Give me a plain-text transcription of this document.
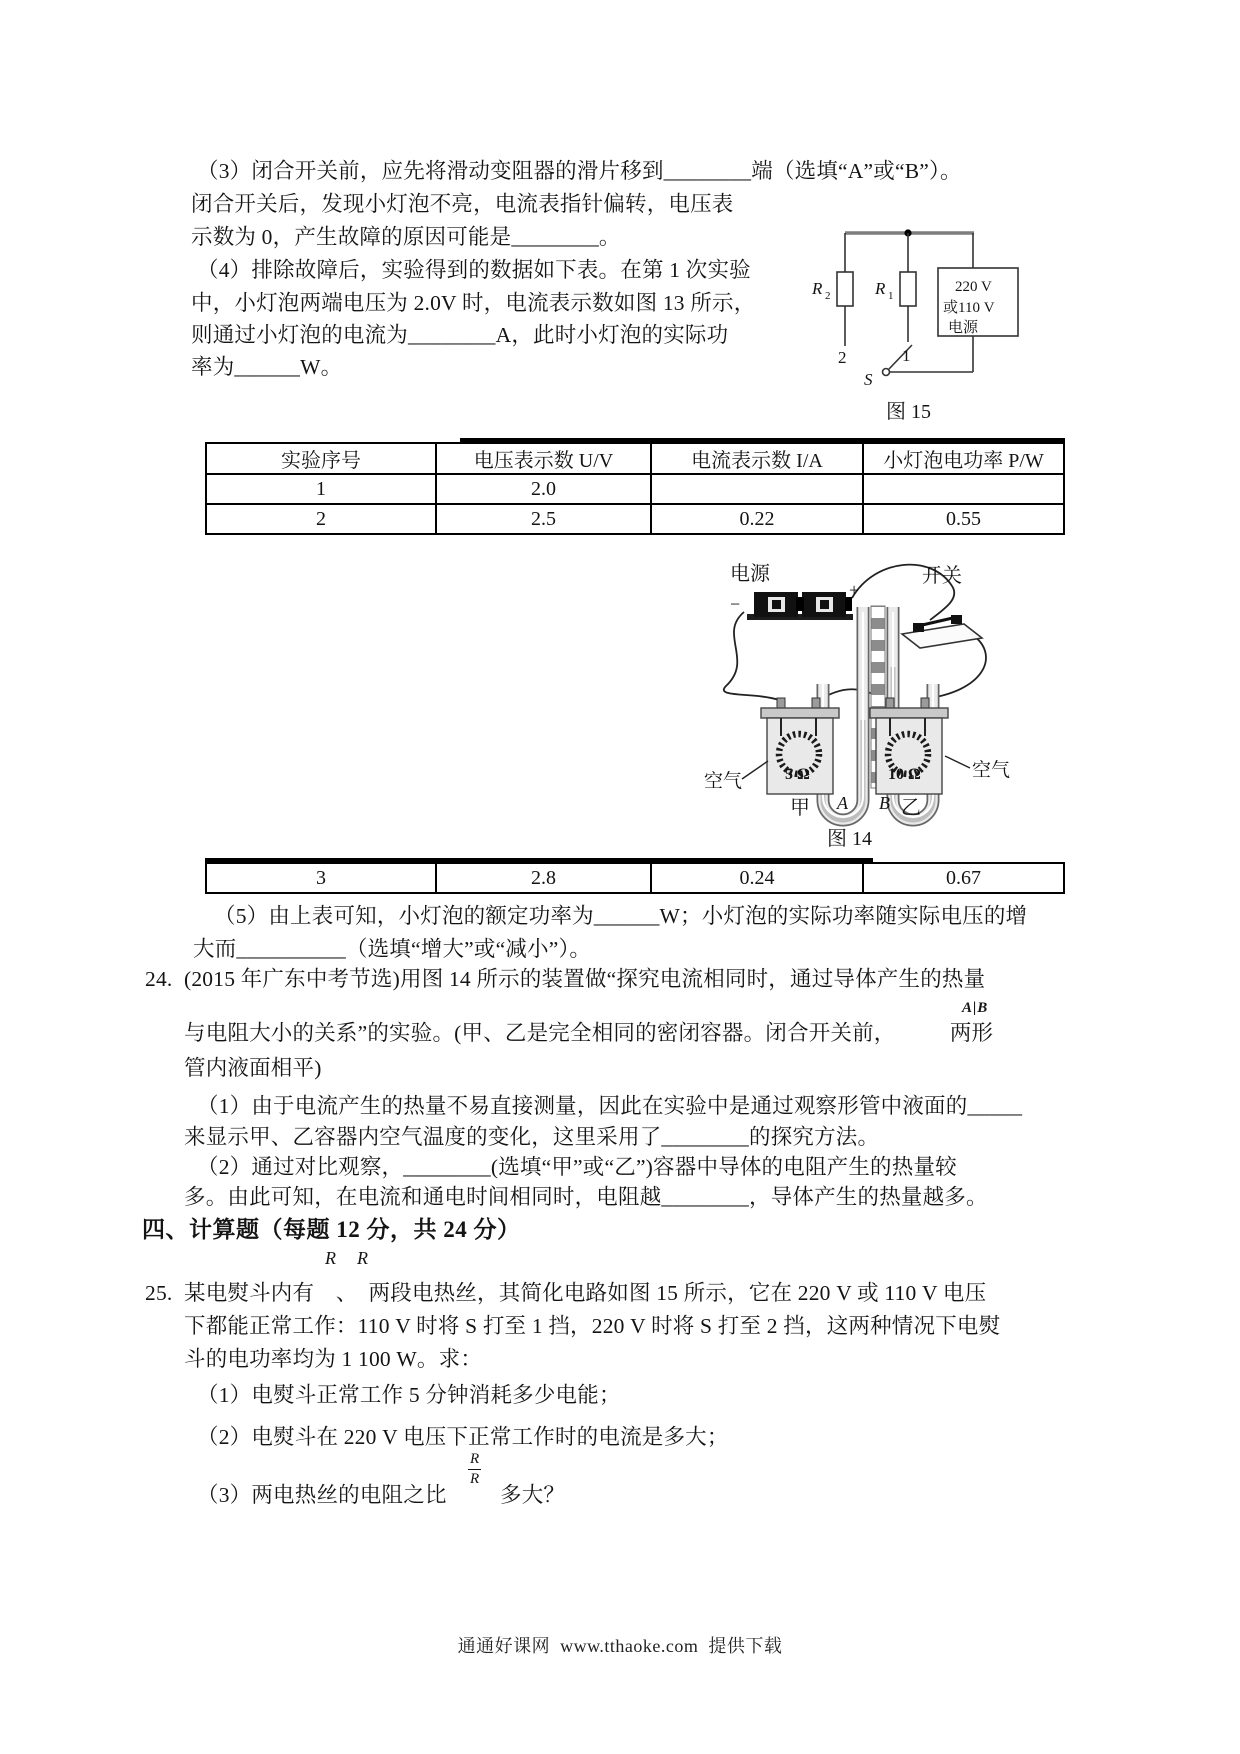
（3）闭合开关前，应先将滑动变阻器的滑片移到________端（选填“A”或“B”）。
闭合开关后，发现小灯泡不亮，电流表指针偏转，电压表
示数为 0，产生故障的原因可能是________。
（4）排除故障后，实验得到的数据如下表。在第 1 次实验
中，小灯泡两端电压为 2.0V 时，电流表示数如图 13 所示，
则通过小灯泡的电流为________A，此时小灯泡的实际功
率为______W。
R 2	R 1
2	1
S
220 V
或110 V
电源
图 15
实验序号	电压表示数 U/V	电流表示数 I/A	小灯泡电功率 P/W
1	2.0		
2	2.5	0.22	0.55
−
+
电源	开关
5 Ω
甲
10 Ω
乙
空气
空气
A B
图 14
3	2.8	0.24	0.67
（5）由上表可知，小灯泡的额定功率为______W；小灯泡的实际功率随实际电压的增
大而__________（选填“增大”或“减小”）。
24. (2015 年广东中考节选)用图 14 所示的装置做“探究电流相同时，通过导体产生的热量
A|B
与电阻大小的关系”的实验。(甲、乙是完全相同的密闭容器。闭合开关前，　　　两形
管内液面相平)
（1）由于电流产生的热量不易直接测量，因此在实验中是通过观察形管中液面的_____
来显示甲、乙容器内空气温度的变化，这里采用了________的探究方法。
（2）通过对比观察，________(选填“甲”或“乙”)容器中导体的电阻产生的热量较
多。由此可知，在电流和通电时间相同时，电阻越________，导体产生的热量越多。
四、计算题（每题 12 分，共 24 分）
R R
25. 某电熨斗内有　、　两段电热丝，其简化电路如图 15 所示，它在 220 V 或 110 V 电压
下都能正常工作：110 V 时将 S 打至 1 挡，220 V 时将 S 打至 2 挡，这两种情况下电熨
斗的电功率均为 1 100 W。求：
（1）电熨斗正常工作 5 分钟消耗多少电能；
（2）电熨斗在 220 V 电压下正常工作时的电流是多大；
（3）两电热丝的电阻之比
$\frac{R}{R}$
多大？
通通好课网  www.tthaoke.com  提供下载
